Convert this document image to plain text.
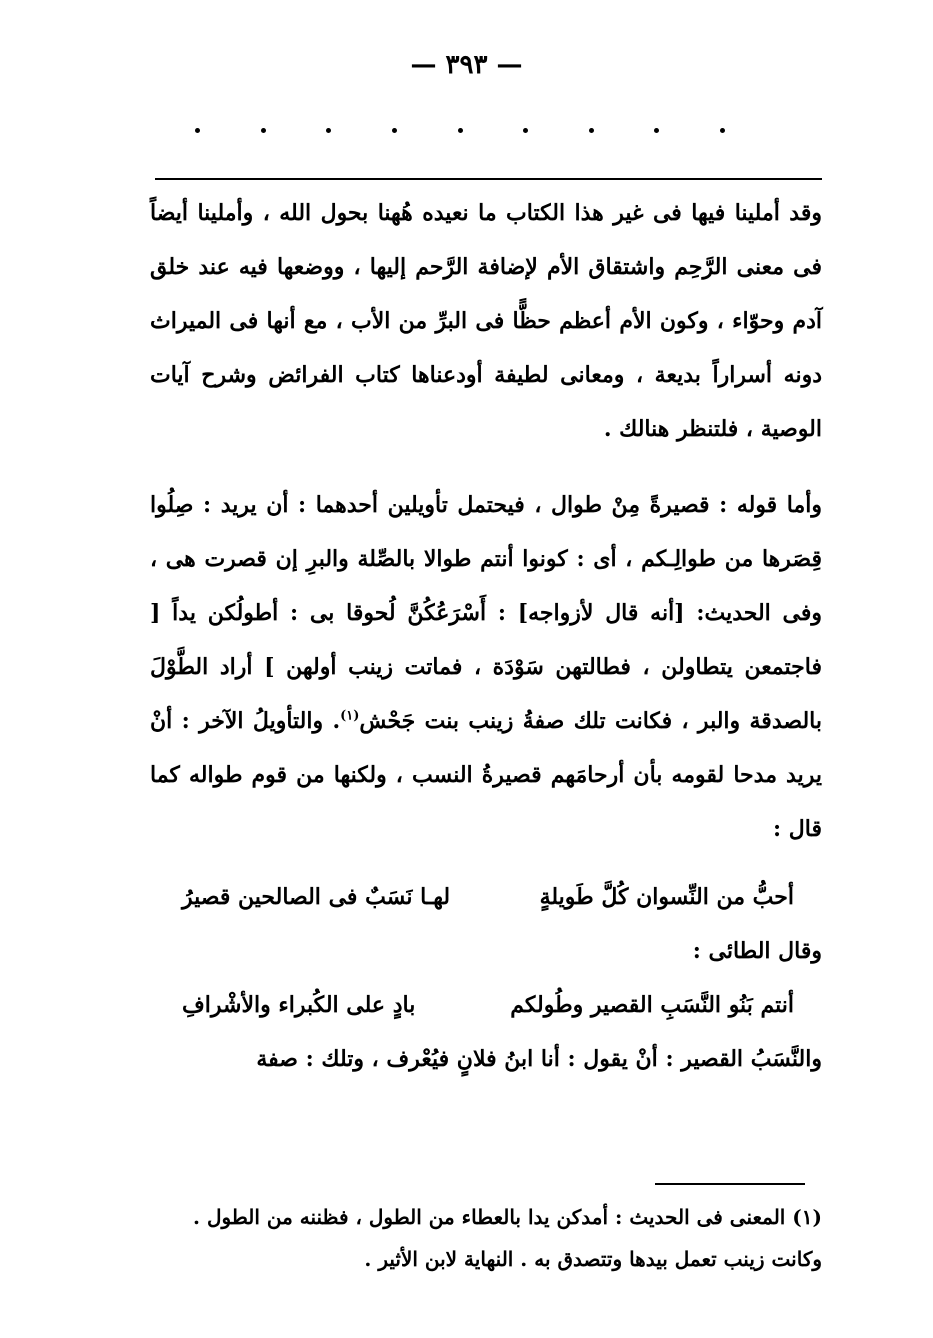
— ٣٩٣ —

وقد أملينا فيها فى غير هذا الكتاب ما نعيده هُهنا بحول الله ، وأملينا أيضاً فى معنى الرَّحِم واشتقاق الأم لإضافة الرَّحم إليها ، ووضعها فيه عند خلق آدم وحوّاء ، وكون الأم أعظم حظًّا فى البرِّ من الأب ، مع أنها فى الميراث دونه أسراراً بديعة ، ومعانى لطيفة أودعناها كتاب الفرائض وشرح آيات الوصية ، فلتنظر هنالك .

وأما قوله : قصيرةً مِنْ طوال ، فيحتمل تأويلين أحدهما : أن يريد : صِلُوا قِصَرها من طوالِـكم ، أى : كونوا أنتم طوالا بالصِّلة والبرِ إن قصرت هى ، وفى الحديث: [أنه قال لأزواجه] : أَسْرَعُكُنَّ لُحوقا بى : أطولُكن يداً [ فاجتمعن يتطاولن ، فطالتهن سَوْدَة ، فماتت زينب أولهن ] أراد الطَّوْلَ بالصدقة والبر ، فكانت تلك صفةُ زينب بنت جَحْش$^{(١)}$. والتأويلُ الآخر : أنْ يريد مدحا لقومه بأن أرحامَهم قصيرةُ النسب ، ولكنها من قوم طواله كما قال :

أحبُّ من النِّسوان كُلَّ طَويلةٍ
لهـا نَسَبٌ فى الصالحين قصيرُ

وقال الطائى :

أنتم بَنُو النَّسَبِ القصير وطُولكم
بادٍ على الكُبراء والأشْرافِ

والنَّسَبُ القصير : أنْ يقول : أنا ابنُ فلانٍ فيُعْرف ، وتلك : صفة

(١) المعنى فى الحديث : أمدكن يدا بالعطاء من الطول ، فظننه من الطول .

وكانت زينب تعمل بيدها وتتصدق به . النهاية لابن الأثير .
